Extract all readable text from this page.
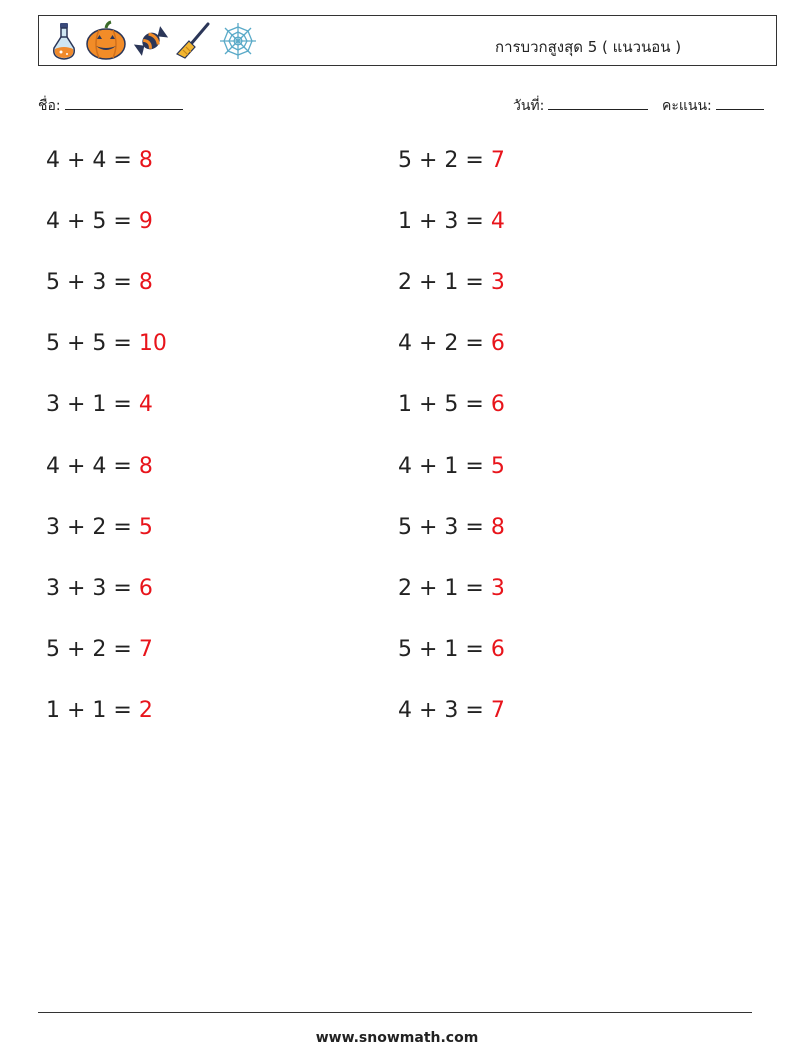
การบวกสูงสุด 5 ( แนวนอน )
ชื่อ:	วันที่:	คะแนน:
4 + 4 = 8	5 + 2 = 7
4 + 5 = 9	1 + 3 = 4
5 + 3 = 8	2 + 1 = 3
5 + 5 = 10	4 + 2 = 6
3 + 1 = 4	1 + 5 = 6
4 + 4 = 8	4 + 1 = 5
3 + 2 = 5	5 + 3 = 8
3 + 3 = 6	2 + 1 = 3
5 + 2 = 7	5 + 1 = 6
1 + 1 = 2	4 + 3 = 7
www.snowmath.com
